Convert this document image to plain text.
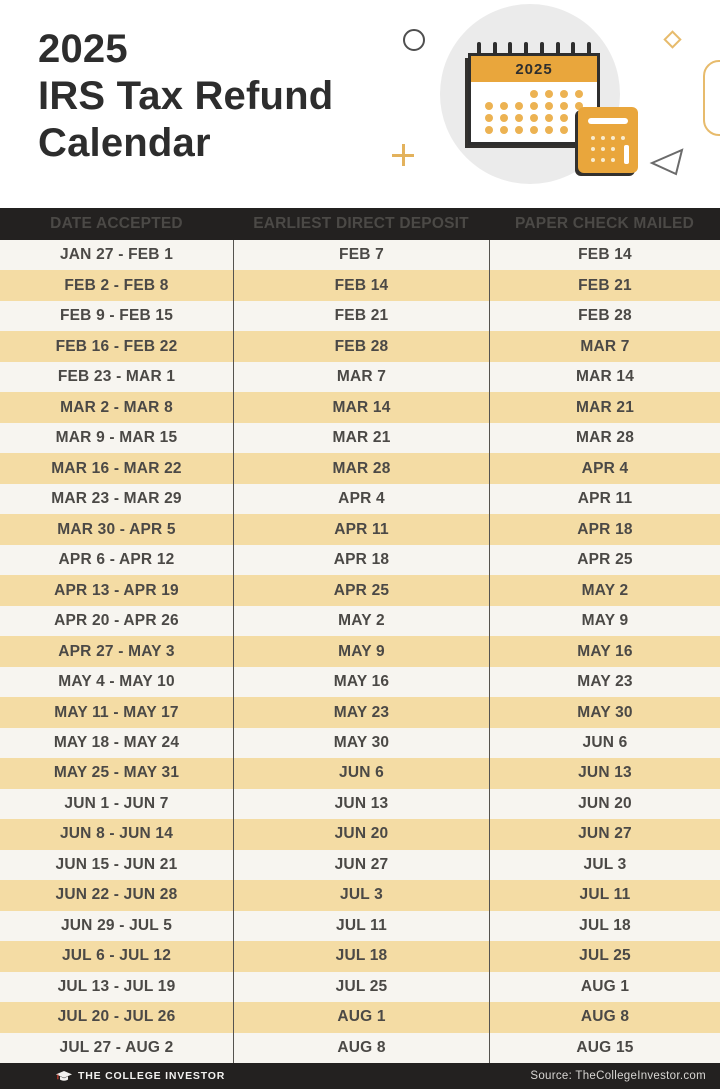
2025
IRS Tax Refund
Calendar
2025
DATE ACCEPTED	EARLIEST DIRECT DEPOSIT	PAPER CHECK MAILED
JAN 27 - FEB 1	FEB 7	FEB 14
FEB 2 - FEB 8	FEB 14	FEB 21
FEB 9 - FEB 15	FEB 21	FEB 28
FEB 16 - FEB 22	FEB 28	MAR 7
FEB 23 - MAR 1	MAR 7	MAR 14
MAR 2 - MAR 8	MAR 14	MAR 21
MAR 9 - MAR 15	MAR 21	MAR 28
MAR 16 - MAR 22	MAR 28	APR 4
MAR 23 - MAR 29	APR 4	APR 11
MAR 30 - APR 5	APR 11	APR 18
APR 6 - APR 12	APR 18	APR 25
APR 13 - APR 19	APR 25	MAY 2
APR 20 - APR 26	MAY 2	MAY 9
APR 27 - MAY 3	MAY 9	MAY 16
MAY 4 - MAY 10	MAY 16	MAY 23
MAY 11 - MAY 17	MAY 23	MAY 30
MAY 18 - MAY 24	MAY 30	JUN 6
MAY 25 - MAY 31	JUN 6	JUN 13
JUN 1 - JUN 7	JUN 13	JUN 20
JUN 8 - JUN 14	JUN 20	JUN 27
JUN 15 - JUN 21	JUN 27	JUL 3
JUN 22 - JUN 28	JUL 3	JUL 11
JUN 29 - JUL 5	JUL 11	JUL 18
JUL 6 - JUL 12	JUL 18	JUL 25
JUL 13 - JUL 19	JUL 25	AUG 1
JUL 20 - JUL 26	AUG 1	AUG 8
JUL 27 - AUG 2	AUG 8	AUG 15
THE COLLEGE INVESTOR	Source: TheCollegeInvestor.com
